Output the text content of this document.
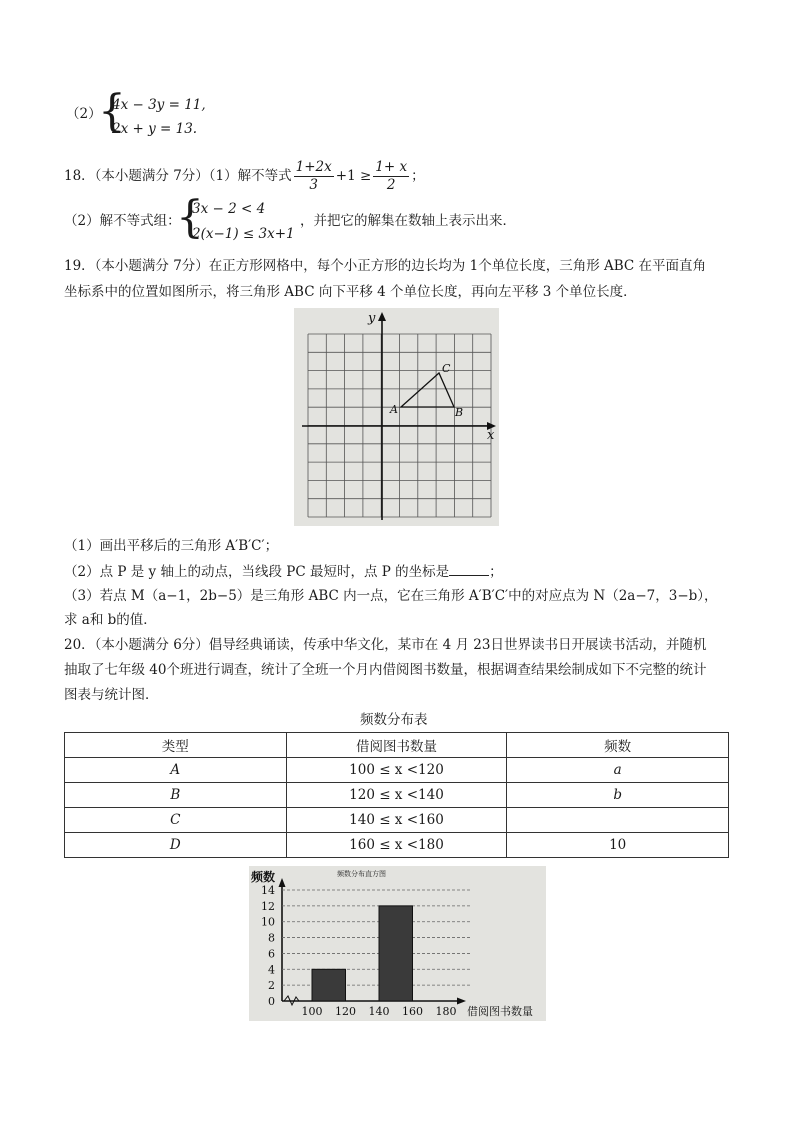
（2）
{
4x − 3y = 11,
2x + y = 13.
18．（本小题满分 7分）（1）解不等式 $\frac{1+2x}{3} +1 \ge \frac{1+ x}{2}$ ；
（2）解不等式组：
{
3x − 2 < 4
2(x−1) ≤ 3x+1
，并把它的解集在数轴上表示出来．
19．（本小题满分 7分）在正方形网格中，每个小正方形的边长均为 1个单位长度，三角形 ABC 在平面直角
坐标系中的位置如图所示，将三角形 ABC 向下平移 4 个单位长度，再向左平移 3 个单位长度．
y
x
A	B
C
（1）画出平移后的三角形 A′B′C′；
（2）点 P 是 y 轴上的动点，当线段 PC 最短时，点 P 的坐标是	；
（3）若点 M（a−1，2b−5）是三角形 ABC 内一点，它在三角形 A′B′C′中的对应点为 N（2a−7，3−b），
求 a和 b的值．
20．（本小题满分 6分）倡导经典诵读，传承中华文化，某市在 4 月 23日世界读书日开展读书活动，并随机
抽取了七年级 40个班进行调查，统计了全班一个月内借阅图书数量，根据调查结果绘制成如下不完整的统计
图表与统计图．
频数分布表
类型	借阅图书数量	频数
A	100 ≤ x <120	a
B	120 ≤ x <140	b
C	140 ≤ x <160	
D	160 ≤ x <180	10
频数	频数分布直方图
借阅图书数量
0
2
4
6
8
10
12
14
100 120 140 160 180
